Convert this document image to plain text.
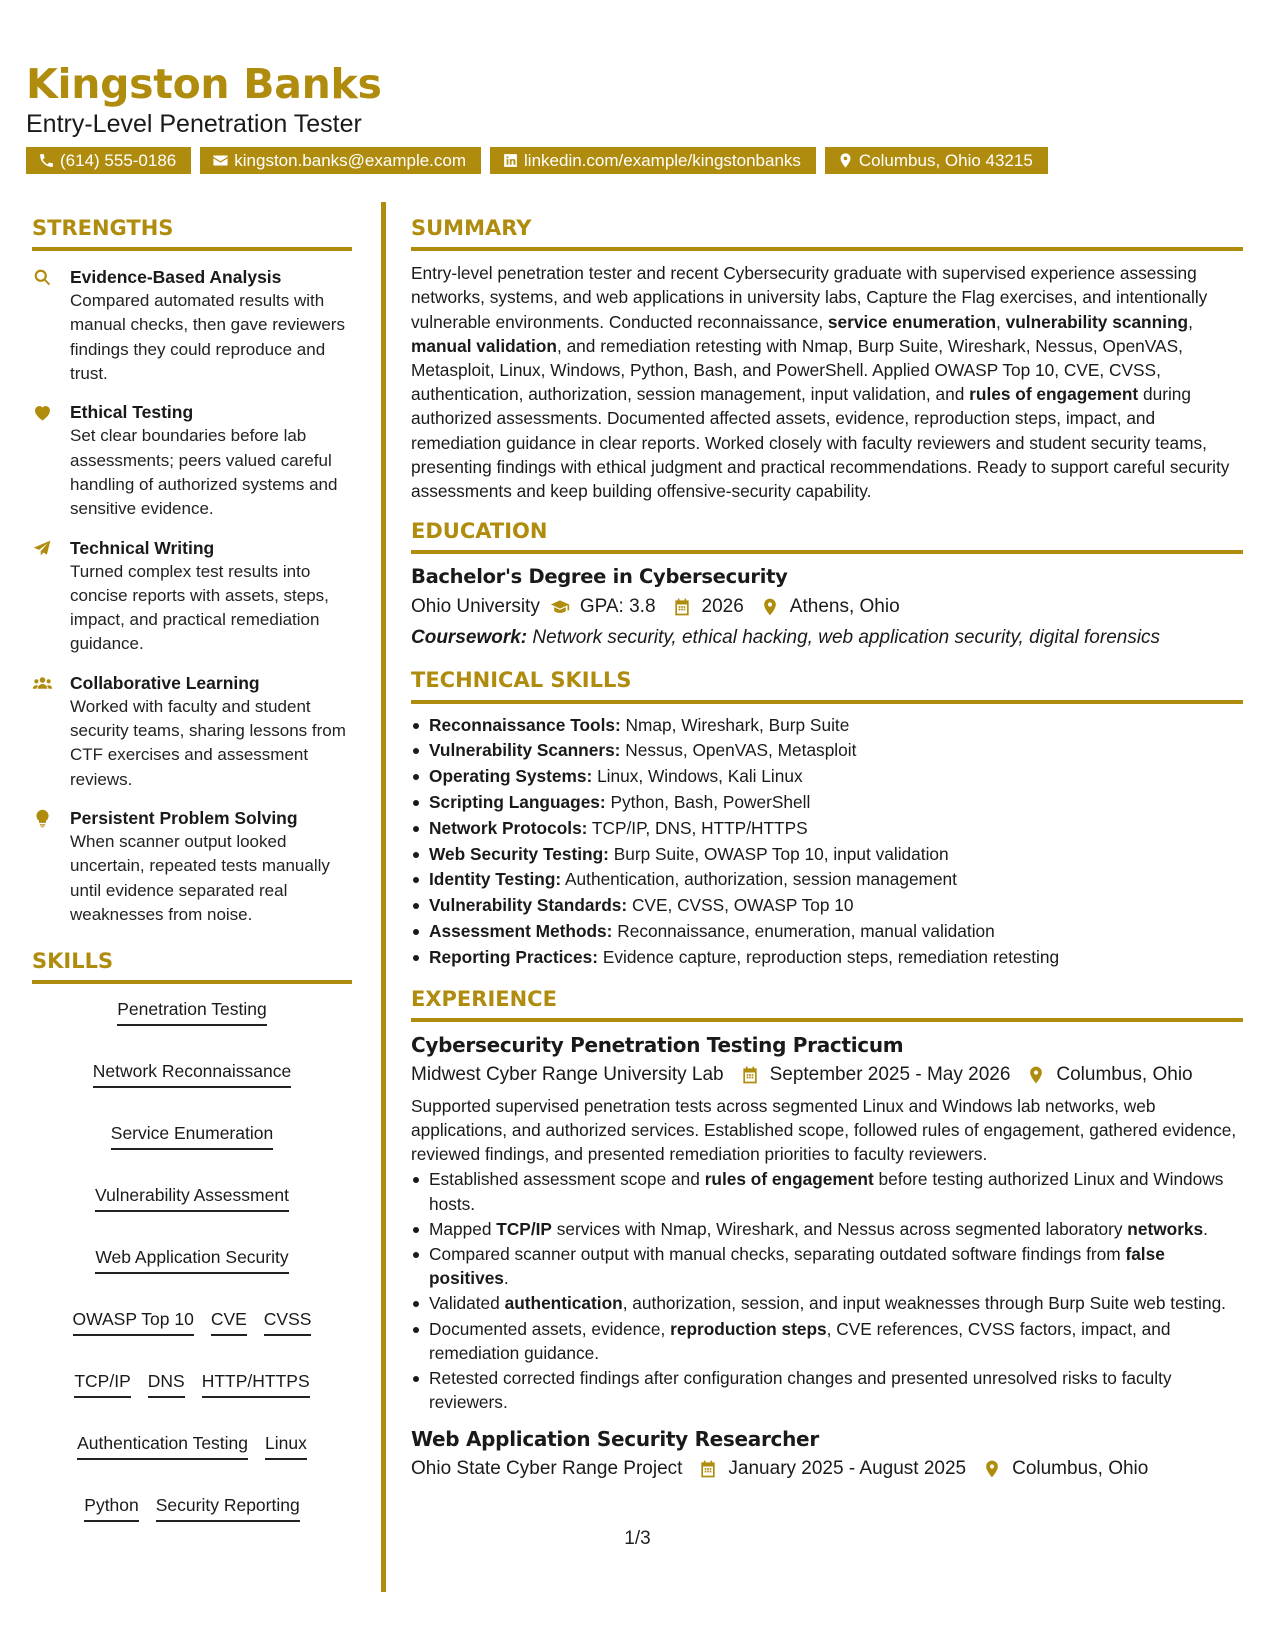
Kingston Banks
Entry-Level Penetration Tester
(614) 555-0186	kingston.banks@example.com	linkedin.com/example/kingstonbanks	Columbus, Ohio 43215
STRENGTHS
Evidence-Based Analysis
Compared automated results with manual checks, then gave reviewers findings they could reproduce and trust.
Ethical Testing
Set clear boundaries before lab assessments; peers valued careful handling of authorized systems and sensitive evidence.
Technical Writing
Turned complex test results into concise reports with assets, steps, impact, and practical remediation guidance.
Collaborative Learning
Worked with faculty and student security teams, sharing lessons from CTF exercises and assessment reviews.
Persistent Problem Solving
When scanner output looked uncertain, repeated tests manually until evidence separated real weaknesses from noise.
SKILLS
Penetration Testing
Network Reconnaissance
Service Enumeration
Vulnerability Assessment
Web Application Security
OWASP Top 10 CVE CVSS
TCP/IP DNS HTTP/HTTPS
Authentication Testing Linux
Python Security Reporting
SUMMARY

Entry-level penetration tester and recent Cybersecurity graduate with supervised experience assessing networks, systems, and web applications in university labs, Capture the Flag exercises, and intentionally vulnerable environments. Conducted reconnaissance, service enumeration, vulnerability scanning, manual validation, and remediation retesting with Nmap, Burp Suite, Wireshark, Nessus, OpenVAS, Metasploit, Linux, Windows, Python, Bash, and PowerShell. Applied OWASP Top 10, CVE, CVSS, authentication, authorization, session management, input validation, and rules of engagement during authorized assessments. Documented affected assets, evidence, reproduction steps, impact, and remediation guidance in clear reports. Worked closely with faculty reviewers and student security teams, presenting findings with ethical judgment and practical recommendations. Ready to support careful security assessments and keep building offensive-security capability.

EDUCATION
Bachelor's Degree in Cybersecurity
Ohio University GPA: 3.8 2026 Athens, Ohio
Coursework: Network security, ethical hacking, web application security, digital forensics
TECHNICAL SKILLS
Reconnaissance Tools: Nmap, Wireshark, Burp Suite
Vulnerability Scanners: Nessus, OpenVAS, Metasploit
Operating Systems: Linux, Windows, Kali Linux
Scripting Languages: Python, Bash, PowerShell
Network Protocols: TCP/IP, DNS, HTTP/HTTPS
Web Security Testing: Burp Suite, OWASP Top 10, input validation
Identity Testing: Authentication, authorization, session management
Vulnerability Standards: CVE, CVSS, OWASP Top 10
Assessment Methods: Reconnaissance, enumeration, manual validation
Reporting Practices: Evidence capture, reproduction steps, remediation retesting
EXPERIENCE
Cybersecurity Penetration Testing Practicum
Midwest Cyber Range University Lab September 2025 - May 2026 Columbus, Ohio
Supported supervised penetration tests across segmented Linux and Windows lab networks, web applications, and authorized services. Established scope, followed rules of engagement, gathered evidence, reviewed findings, and presented remediation priorities to faculty reviewers.
Established assessment scope and rules of engagement before testing authorized Linux and Windows hosts.
Mapped TCP/IP services with Nmap, Wireshark, and Nessus across segmented laboratory networks.
Compared scanner output with manual checks, separating outdated software findings from false positives.
Validated authentication, authorization, session, and input weaknesses through Burp Suite web testing.
Documented assets, evidence, reproduction steps, CVE references, CVSS factors, impact, and remediation guidance.
Retested corrected findings after configuration changes and presented unresolved risks to faculty reviewers.
Web Application Security Researcher
Ohio State Cyber Range Project January 2025 - August 2025 Columbus, Ohio
1/3
